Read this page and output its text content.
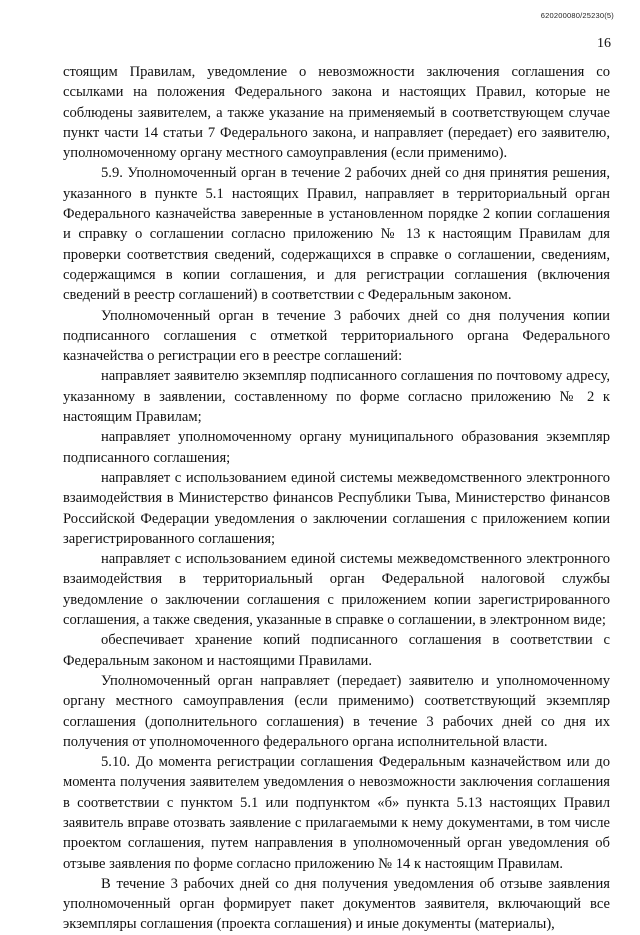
620200080/25230(5)
16

стоящим Правилам, уведомление о невозможности заключения соглашения со ссылками на положения Федерального закона и настоящих Правил, которые не соблюдены заявителем, а также указание на применяемый в соответствующем случае пункт части 14 статьи 7 Федерального закона, и направляет (передает) его заявителю, уполномоченному органу местного самоуправления (если применимо).

5.9. Уполномоченный орган в течение 2 рабочих дней со дня принятия решения, указанного в пункте 5.1 настоящих Правил, направляет в территориальный орган Федерального казначейства заверенные в установленном порядке 2 копии соглашения и справку о соглашении согласно приложению № 13 к настоящим Правилам для проверки соответствия сведений, содержащихся в справке о соглашении, сведениям, содержащимся в копии соглашения, и для регистрации соглашения (включения сведений в реестр соглашений) в соответствии с Федеральным законом.

Уполномоченный орган в течение 3 рабочих дней со дня получения копии подписанного соглашения с отметкой территориального органа Федерального казначейства о регистрации его в реестре соглашений:

направляет заявителю экземпляр подписанного соглашения по почтовому адресу, указанному в заявлении, составленному по форме согласно приложению № 2 к настоящим Правилам;

направляет уполномоченному органу муниципального образования экземпляр подписанного соглашения;

направляет с использованием единой системы межведомственного электронного взаимодействия в Министерство финансов Республики Тыва, Министерство финансов Российской Федерации уведомления о заключении соглашения с приложением копии зарегистрированного соглашения;

направляет с использованием единой системы межведомственного электронного взаимодействия в территориальный орган Федеральной налоговой службы уведомление о заключении соглашения с приложением копии зарегистрированного соглашения, а также сведения, указанные в справке о соглашении, в электронном виде;

обеспечивает хранение копий подписанного соглашения в соответствии с Федеральным законом и настоящими Правилами.

Уполномоченный орган направляет (передает) заявителю и уполномоченному органу местного самоуправления (если применимо) соответствующий экземпляр соглашения (дополнительного соглашения) в течение 3 рабочих дней со дня их получения от уполномоченного федерального органа исполнительной власти.

5.10. До момента регистрации соглашения Федеральным казначейством или до момента получения заявителем уведомления о невозможности заключения соглашения в соответствии с пунктом 5.1 или подпунктом «б» пункта 5.13 настоящих Правил заявитель вправе отозвать заявление с прилагаемыми к нему документами, в том числе проектом соглашения, путем направления в уполномоченный орган уведомления об отзыве заявления по форме согласно приложению № 14 к настоящим Правилам.

В течение 3 рабочих дней со дня получения уведомления об отзыве заявления уполномоченный орган формирует пакет документов заявителя, включающий все экземпляры соглашения (проекта соглашения) и иные документы (материалы),
